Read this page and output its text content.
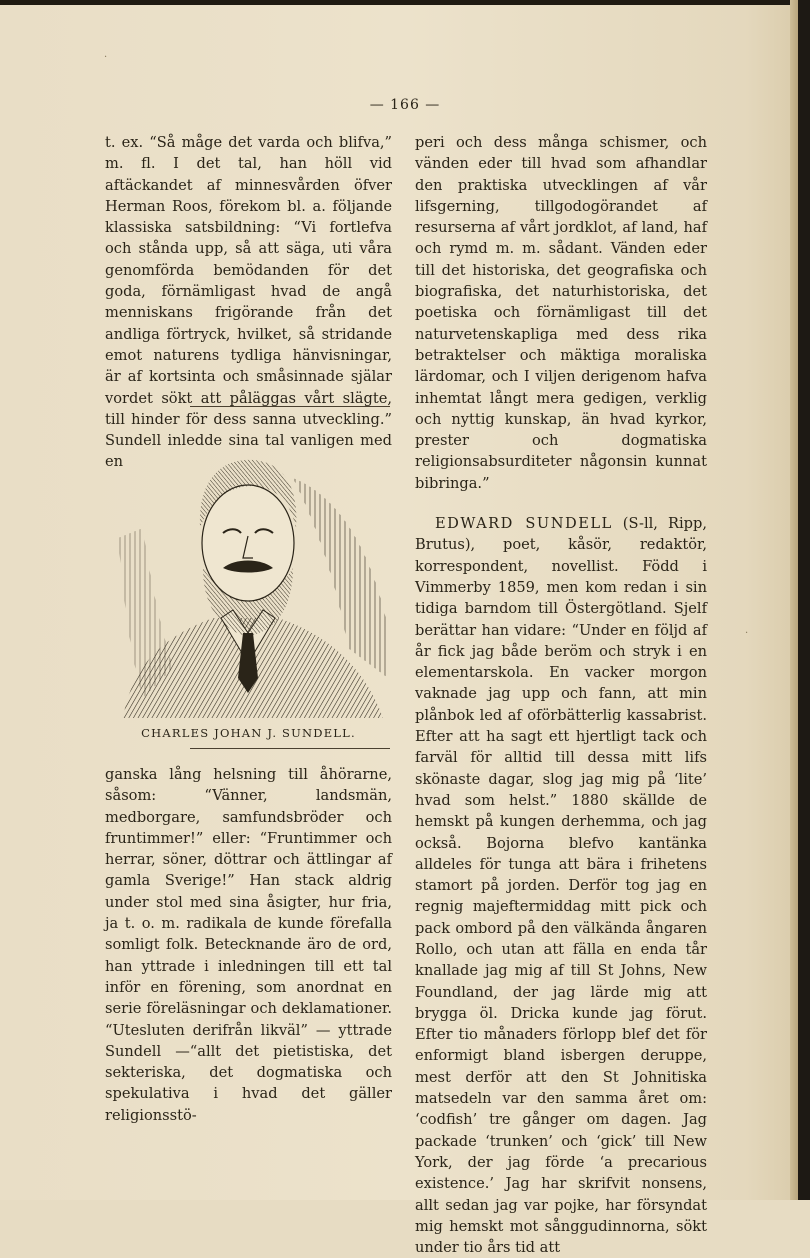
·
·
— 166 —

t. ex. “Så måge det varda och blifva,” m. fl. I det tal, han höll vid aftäckandet af minnesvården öfver Herman Roos, förekom bl. a. följande klassiska satsbildning: “Vi fortlefva och stånda upp, så att säga, uti våra genomförda bemödanden för det goda, förnämligast hvad de angå menniskans frigörande från det andliga förtryck, hvilket, så stridande emot naturens tydliga hänvisningar, är af kortsinta och småsinnade själar vordet sökt att påläggas vårt slägte, till hinder för dess sanna utveckling.” Sundell inledde sina tal vanligen med en

CHARLES JOHAN J. SUNDELL.

ganska lång helsning till åhörarne, såsom: “Vänner, landsmän, medborgare, samfundsbröder och fruntimmer!” eller: “Fruntimmer och herrar, söner, döttrar och ättlingar af gamla Sverige!” Han stack aldrig under stol med sina åsigter, hur fria, ja t. o. m. radikala de kunde förefalla somligt folk. Betecknande äro de ord, han yttrade i inledningen till ett tal inför en förening, som anordnat en serie föreläsningar och deklamationer. “Utesluten derifrån likväl” — yttrade Sundell —“allt det pietistiska, det sekteriska, det dogmatiska och spekulativa i hvad det gäller religionsstö-

peri och dess många schismer, och vänden eder till hvad som afhandlar den praktiska utvecklingen af vår lifsgerning, tillgodogörandet af resurserna af vårt jordklot, af land, haf och rymd m. m. sådant. Vänden eder till det historiska, det geografiska och biografiska, det naturhistoriska, det poetiska och förnämligast till det naturvetenskapliga med dess rika betraktelser och mäktiga moraliska lärdomar, och I viljen derigenom hafva inhemtat långt mera gedigen, verklig och nyttig kunskap, än hvad kyrkor, prester och dogmatiska religionsabsurditeter någonsin kunnat bibringa.”

EDWARD SUNDELL (S-ll, Ripp, Brutus), poet, kåsör, redaktör, korrespondent, novellist. Född i Vimmerby 1859, men kom redan i sin tidiga barndom till Östergötland. Sjelf berättar han vidare: “Under en följd af år fick jag både beröm och stryk i en elementarskola. En vacker morgon vaknade jag upp och fann, att min plånbok led af oförbätterlig kassabrist. Efter att ha sagt ett hjertligt tack och farväl för alltid till dessa mitt lifs skönaste dagar, slog jag mig på ‘lite’ hvad som helst.” 1880 skällde de hemskt på kungen derhemma, och jag också. Bojorna blefvo kantänka alldeles för tunga att bära i frihetens stamort på jorden. Derför tog jag en regnig majeftermiddag mitt pick och pack ombord på den välkända ångaren Rollo, och utan att fälla en enda tår knallade jag mig af till St Johns, New Foundland, der jag lärde mig att brygga öl. Dricka kunde jag förut. Efter tio månaders förlopp blef det för enformigt bland isbergen deruppe, mest derför att den St Johnitiska matsedeln var den samma året om: ‘codfish’ tre gånger om dagen. Jag packade ‘trunken’ och ‘gick’ till New York, der jag förde ‘a precarious existence.’ Jag har skrifvit nonsens, allt sedan jag var pojke, har försyndat mig hemskt mot sånggudinnorna, sökt under tio års tid att
